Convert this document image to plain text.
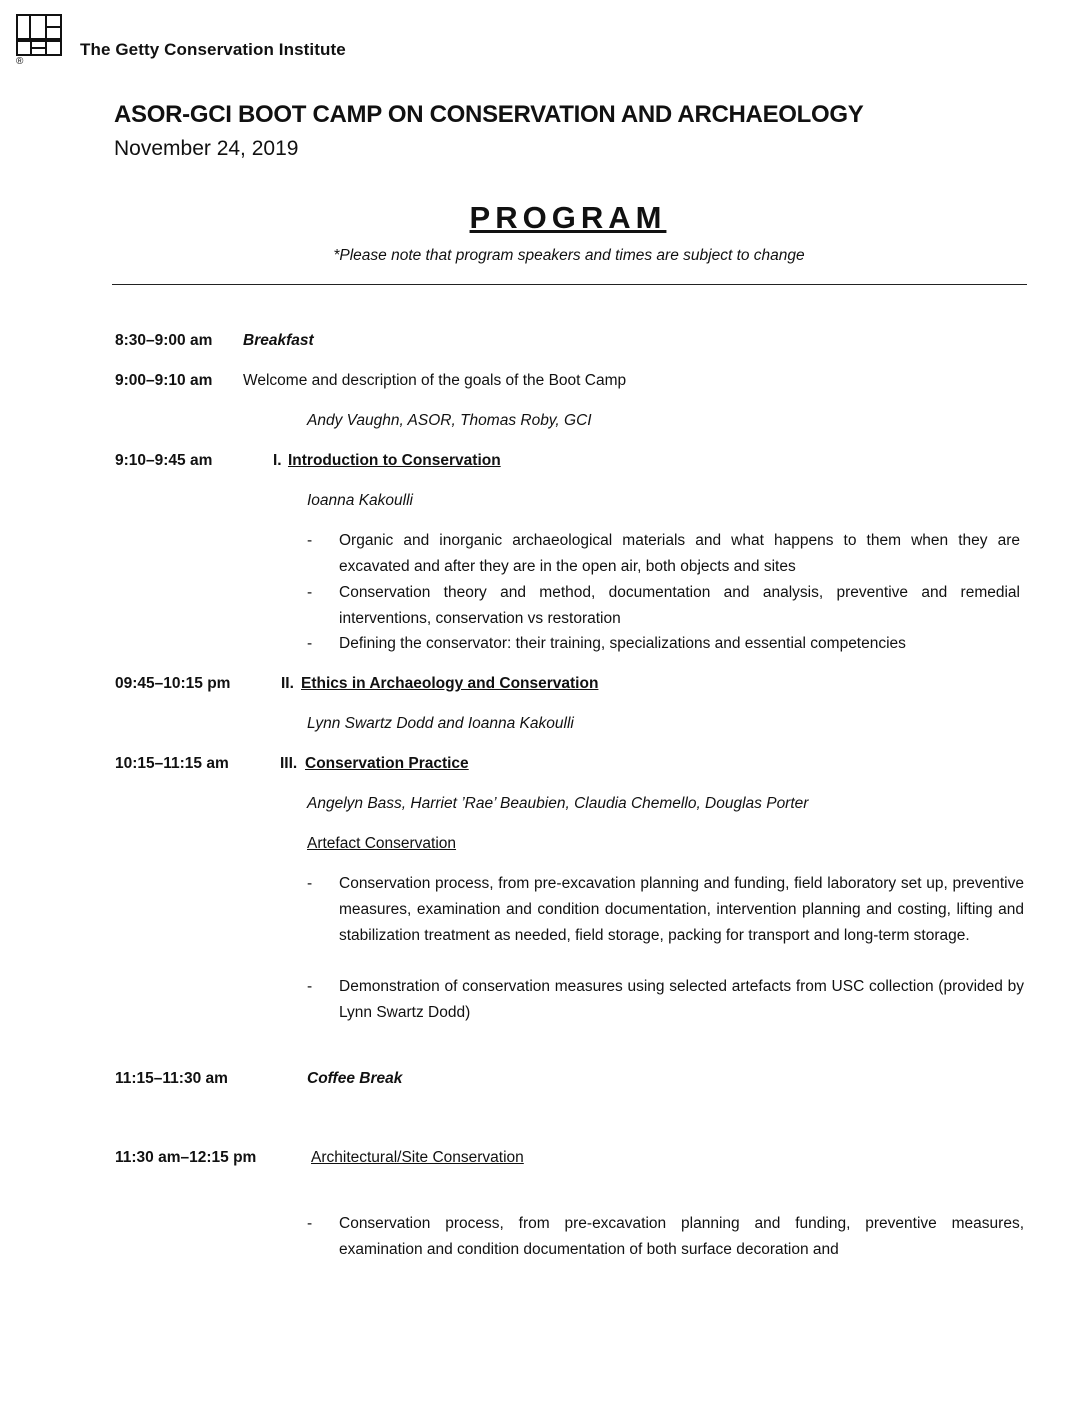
®
The Getty Conservation Institute
ASOR-GCI BOOT CAMP ON CONSERVATION AND ARCHAEOLOGY
November 24, 2019
PROGRAM
*Please note that program speakers and times are subject to change
8:30–9:00 am Breakfast
9:00–9:10 am Welcome and description of the goals of the Boot Camp
Andy Vaughn, ASOR, Thomas Roby, GCI
9:10–9:45 am	I. Introduction to Conservation
Ioanna Kakoulli
- Organic and inorganic archaeological materials and what happens to them when they are excavated and after they are in the open air, both objects and sites
- Conservation theory and method, documentation and analysis, preventive and remedial interventions, conservation vs restoration
- Defining the conservator: their training, specializations and essential competencies
09:45–10:15 pm	II. Ethics in Archaeology and Conservation
Lynn Swartz Dodd and Ioanna Kakoulli
10:15–11:15 am	III. Conservation Practice
Angelyn Bass, Harriet ’Rae’ Beaubien, Claudia Chemello, Douglas Porter
Artefact Conservation
- Conservation process, from pre-excavation planning and funding, field laboratory set up, preventive measures, examination and condition documentation, intervention planning and costing, lifting and stabilization treatment as needed, field storage, packing for transport and long-term storage.
- Demonstration of conservation measures using selected artefacts from USC collection (provided by Lynn Swartz Dodd)
11:15–11:30 am	Coffee Break
11:30 am–12:15 pm	Architectural/Site Conservation
- Conservation process, from pre-excavation planning and funding, preventive measures, examination and condition documentation of both surface decoration and
